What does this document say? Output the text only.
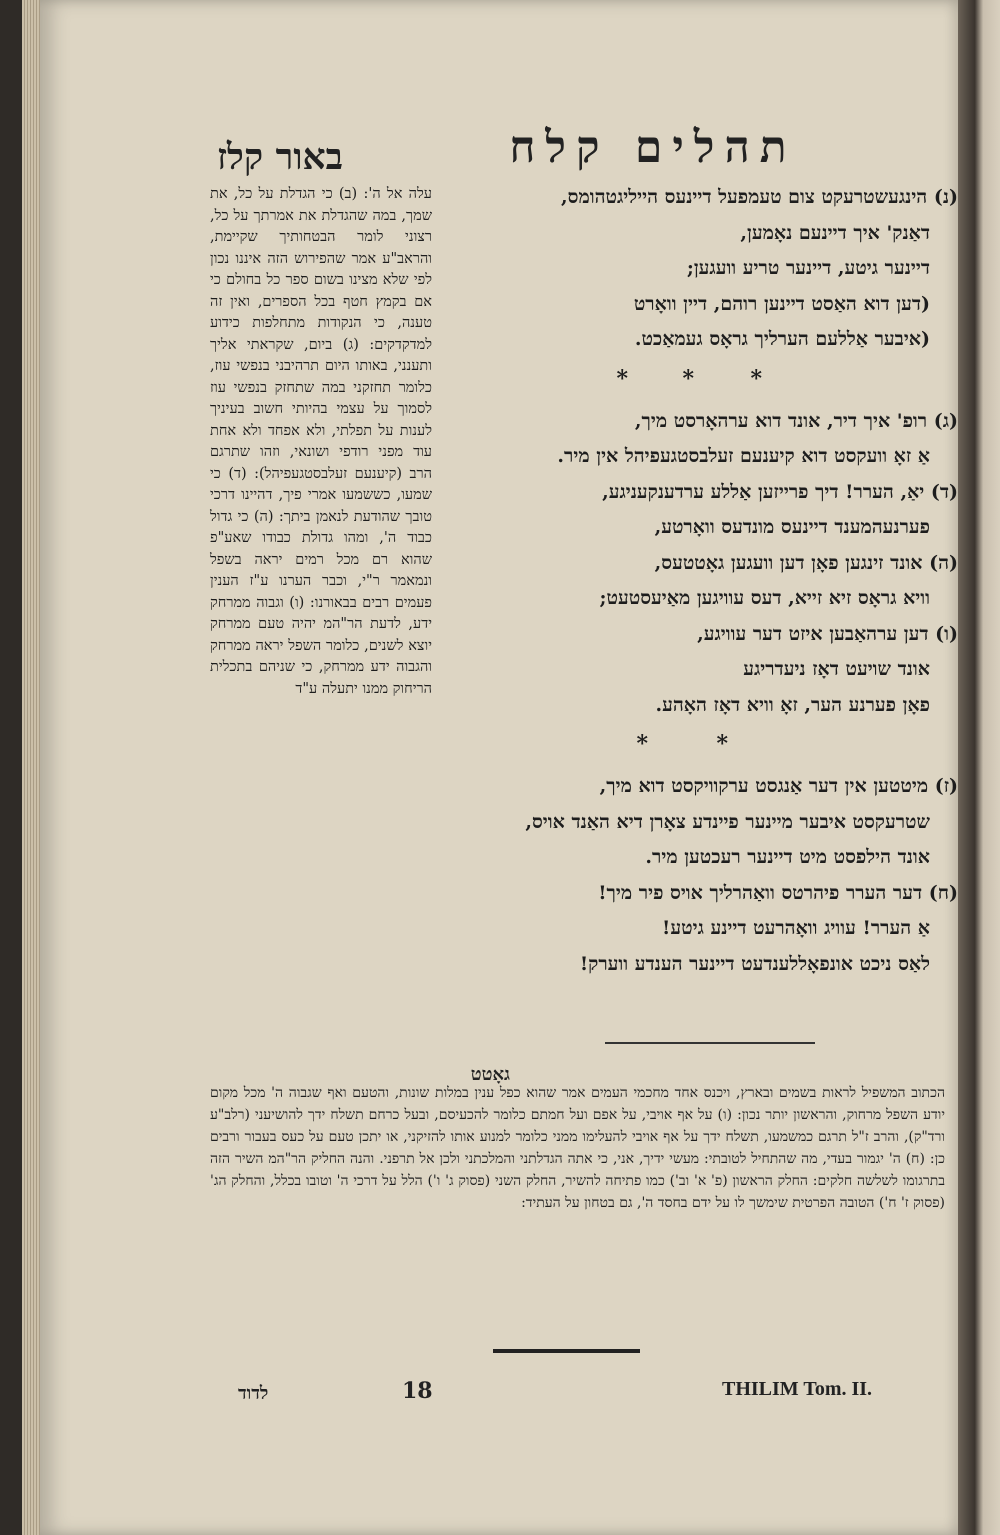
תהלים קלח
באור קלז
(נ) הינגעשטרעקט צום טעמפעל דיינעס הייליגטהומס,
דאַנק' איך דיינעם נאָמען,
דיינער גיטע, דיינער טריע וועגען;
(דען דוא האַסט דיינען רוהם, דיין וואָרט
(איבער אַללעם הערליך גראָס געמאַכט.
*
*
*
(ג) רופ' איך דיר, אונד דוא ערהאָרסט מיך,
אַ זאָ וועקסט דוא קיענעם זעלבסטגעפיהל אין מיר.
(ד) יאַ, הערר! דיך פרייזען אַללע ערדענקעניגע,
פערנעהמענד דיינעס מונדעס וואָרטע,
(ה) אונד זינגען פאָן דען וועגען גאָטטעס,
וויא גראָס זיא זייא, דעס עוויגען מאַיעסטעט;
(ו) דען ערהאַבען איזט דער עוויגע,
אונד שויעט דאָז ניעדריגע
פאָן פערנע הער, זאָ וויא דאָז האָהע.
*
*
(ז) מיטטען אין דער אַנגסט ערקוויקסט דוא מיך,
שטרעקסט איבער מיינער פיינדע צאָרן דיא האַנד אויס,
אונד הילפסט מיט דיינער רעכטען מיר.
(ח) דער הערר פיהרטס וואַהרליך אויס פיר מיך!
אַ הערר! עוויג וואָהרעט דיינע גיטע!
לאַס ניכט אונפאָללענדעט דיינער הענדע ווערק!

עלה אל ה': (ב) כי הגדלת על כל, את שמך, במה שהגדלת את אמרתך על כל, רצוני לומר הבטחותיך שקיימת, והראב"ע אמר שהפירוש הזה איננו נכון לפי שלא מצינו בשום ספר כל בחולם כי אם בקמץ חטף בכל הספרים, ואין זה טענה, כי הנקודות מתחלפות כידוע למדקדקים: (ג) ביום, שקראתי אליך ותענני, באותו היום תרהיבני בנפשי עוז, כלומר תחזקני במה שתחזק בנפשי עוז לסמוך על עצמי בהיותי חשוב בעיניך לענות על תפלתי, ולא אפחד ולא אחת עוד מפני רודפי ושונאי, וזהו שתרגם הרב (קיענעם זעלבסטגעפיהל): (ד) כי שמעו, כששמעו אמרי פיך, דהיינו דרכי טובך שהודעת לנאמן ביתך: (ה) כי גדול כבוד ה', ומהו גדולת כבודו שאע"פ שהוא רם מכל רמים יראה בשפל ונמאמר ר"י, וכבר הערנו ע"ז הענין פעמים רבים בבאורנו: (ו) וגבוה ממרחק ידע, לדעת הר"המ יהיה טעם ממרחק יוצא לשנים, כלומר השפל יראה ממרחק והגבוה ידע ממרחק, כי שניהם בתכלית הריחוק ממנו יתעלה ע"ד

גאָטט

הכתוב המשפיל לראות בשמים ובארץ, ויכנס אחד מחכמי העמים אמר שהוא כפל ענין במלות שונות, והטעם ואף שגבוה ה' מכל מקום יודע השפל מרחוק, והראשון יותר נכון: (ו) על אף אויבי, על אפם ועל חמתם כלומר להכעיסם, ובעל כרחם תשלח ידך להושיעני (רלב"ע ורד"ק), והרב ז"ל תרגם כמשמעו, תשלח ידך על אף אויבי להעלימו ממני כלומר למנוע אותו להזיקני, או יתכן טעם על כעס בעבור ורבים כן: (ח) ה' יגמור בעדי, מה שהתחיל לטובתי: מעשי ידיך, אני, כי אתה הגדלתני והמלכתני ולכן אל תרפני. והנה החליק הר"המ השיר הזה בתרגומו לשלשה חלקים: החלק הראשון (פ' א' וב') כמו פתיחה להשיר, החלק השני (פסוק ג' ו') הלל על דרכי ה' וטובו בכלל, והחלק הג' (פסוק ז' ח') הטובה הפרטית שימשך לו על ידם בחסד ה', גם בטחון על העתיד:

לדוד	18	THILIM Tom. II.
